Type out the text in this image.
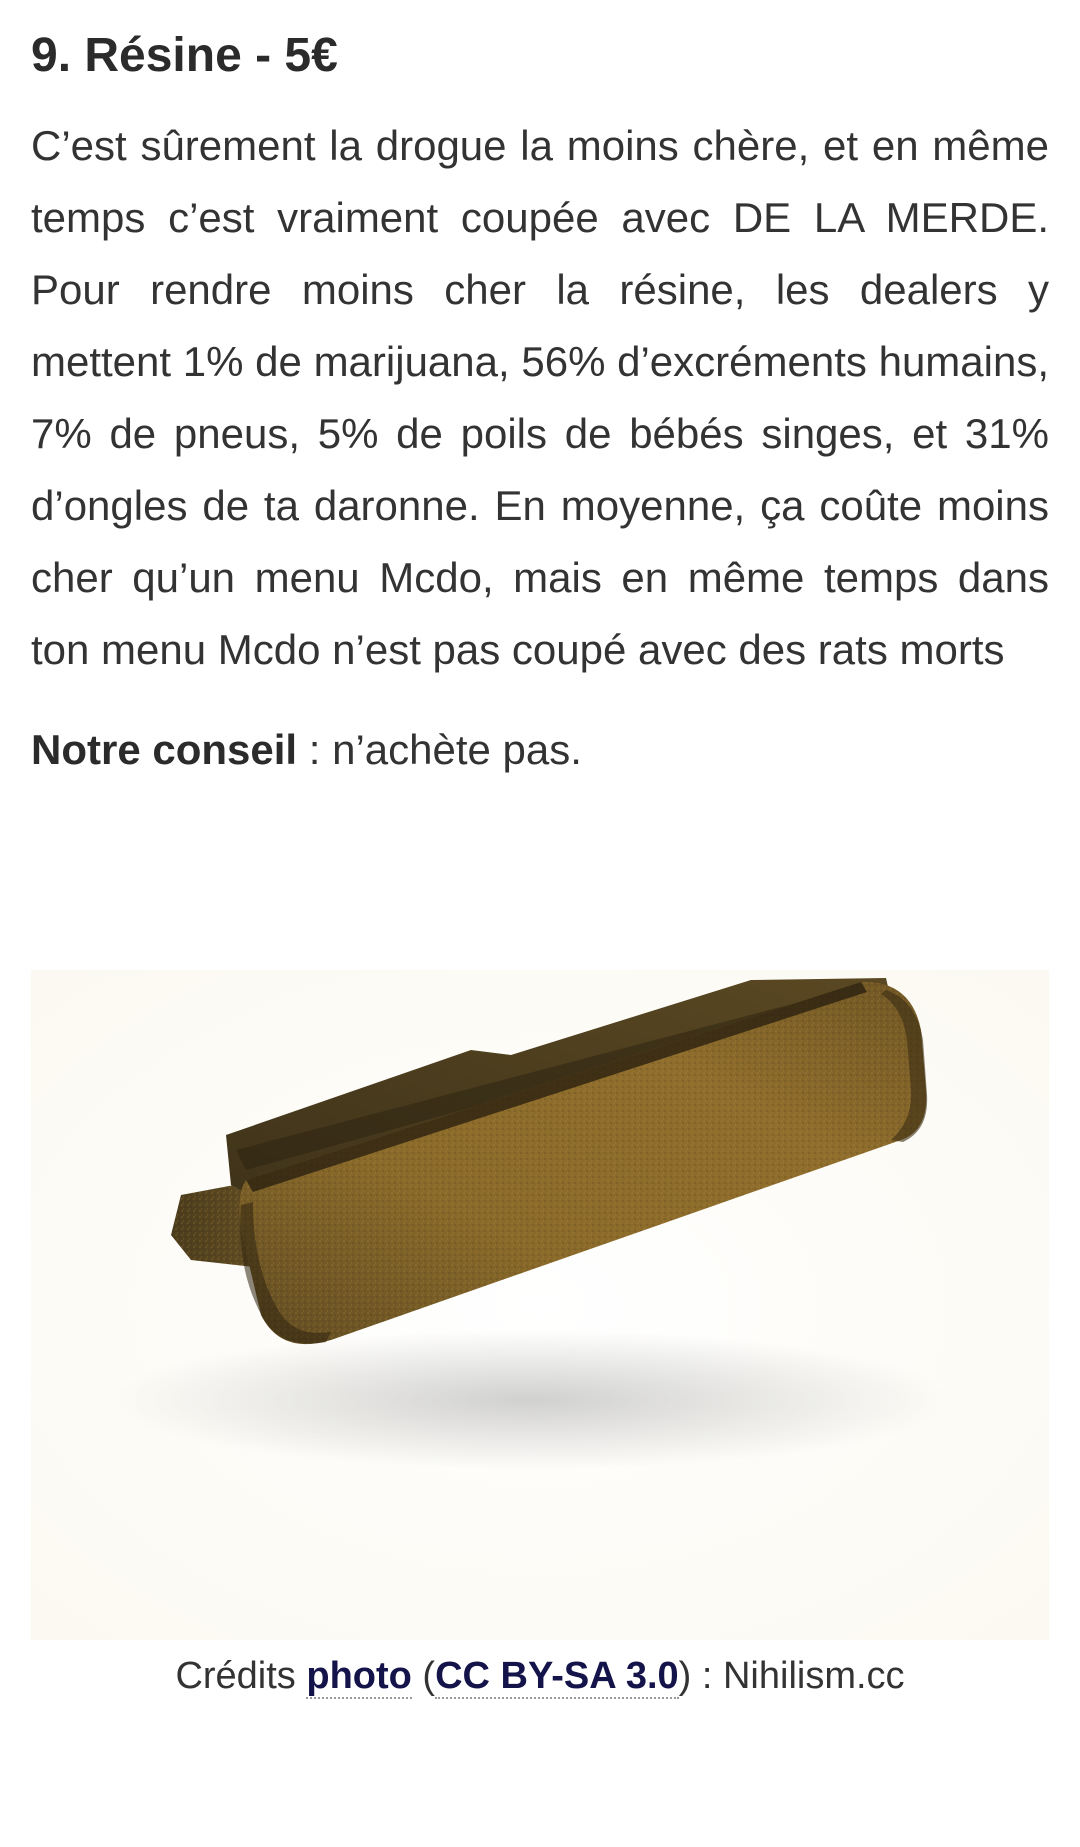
9. Résine - 5€

C’est sûrement la drogue la moins chère, et en même temps c’est vraiment coupée avec DE LA MERDE. Pour rendre moins cher la résine, les dealers y mettent 1% de marijuana, 56% d’excréments humains, 7% de pneus, 5% de poils de bébés singes, et 31% d’ongles de ta daronne. En moyenne, ça coûte moins cher qu’un menu Mcdo, mais en même temps dans ton menu Mcdo n’est pas coupé avec des rats morts

Notre conseil : n’achète pas.

Crédits photo (CC BY-SA 3.0) : Nihilism.cc
